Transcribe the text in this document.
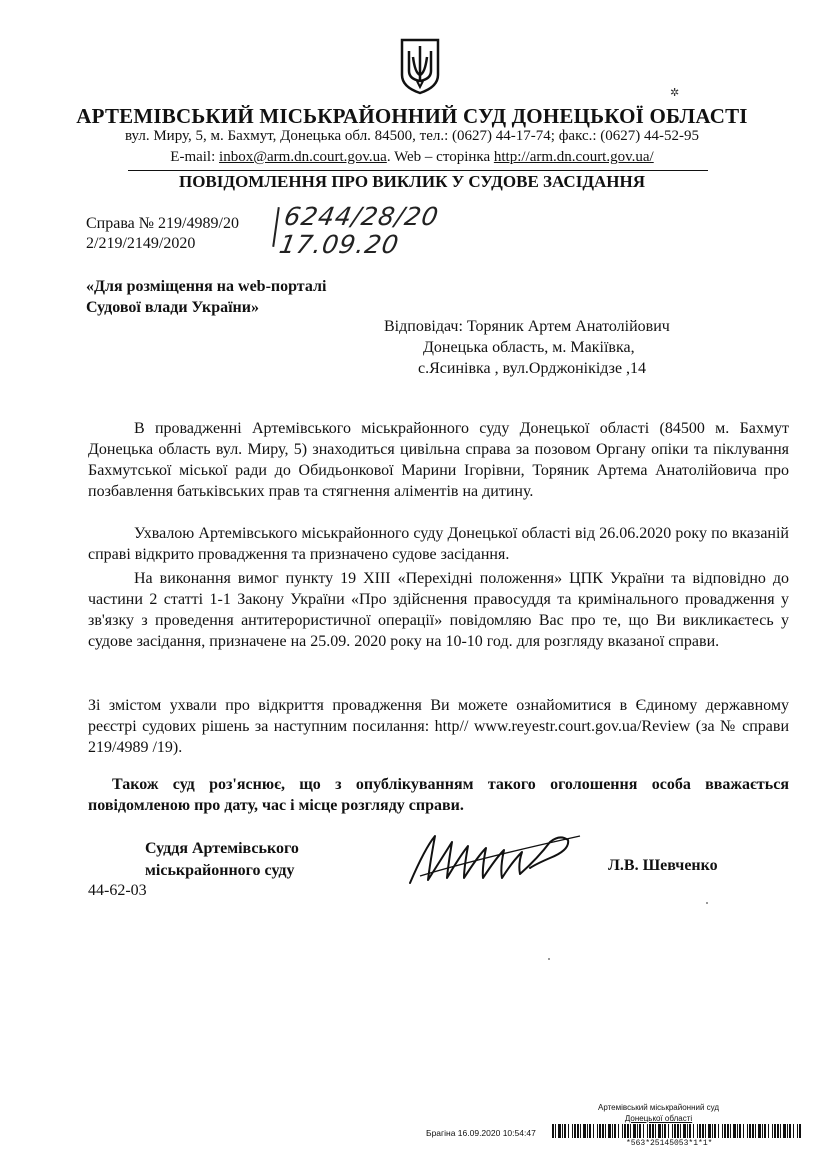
✲
АРТЕМІВСЬКИЙ МІСЬКРАЙОННИЙ СУД ДОНЕЦЬКОЇ ОБЛАСТІ
вул. Миру, 5, м. Бахмут, Донецька обл. 84500, тел.: (0627) 44-17-74; факс.: (0627) 44-52-95
E-mail: inbox@arm.dn.court.gov.ua. Web – сторінка http://arm.dn.court.gov.ua/
ПОВІДОМЛЕННЯ ПРО ВИКЛИК У СУДОВЕ ЗАСІДАННЯ
Справа № 219/4989/20
2/219/2149/2020
6244/28/20
17.09.20
«Для розміщення на web-порталі
Судової влади України»
Відповідач: Торяник Артем Анатолійович
Донецька область, м. Макіївка,
с.Ясинівка , вул.Орджонікідзе ,14
В провадженні Артемівського міськрайонного суду Донецької області (84500 м. Бахмут Донецька область вул. Миру, 5) знаходиться цивільна справа за позовом Органу опіки та піклування Бахмутської міської ради до Обидьонкової Марини Ігорівни, Торяник Артема Анатолійовича про позбавлення батьківських прав та стягнення аліментів на дитину.
Ухвалою Артемівського міськрайонного суду Донецької області від 26.06.2020 року по вказаній справі відкрито провадження та призначено судове засідання.
На виконання вимог пункту 19 ХІІІ «Перехідні положення» ЦПК України та відповідно до частини 2 статті 1-1 Закону України «Про здійснення правосуддя та кримінального провадження у зв'язку з проведення антитерористичної операції» повідомляю Вас про те, що Ви викликаєтесь у судове засідання, призначене на 25.09. 2020 року на 10-10 год. для розгляду вказаної справи.
Зі змістом ухвали про відкриття провадження Ви можете ознайомитися в Єдиному державному реєстрі судових рішень за наступним посилання: http// www.reyestr.court.gov.ua/Review (за № справи 219/4989 /19).
Також суд роз'яснює, що з опублікуванням такого оголошення особа вважається повідомленою про дату, час і місце розгляду справи.
Суддя Артемівського
міськрайонного суду
44-62-03
Л.В. Шевченко
Артемівський міськрайонний суд
Донецької області
Брагіна 16.09.2020 10:54:47
*563*25145053*1*1*
